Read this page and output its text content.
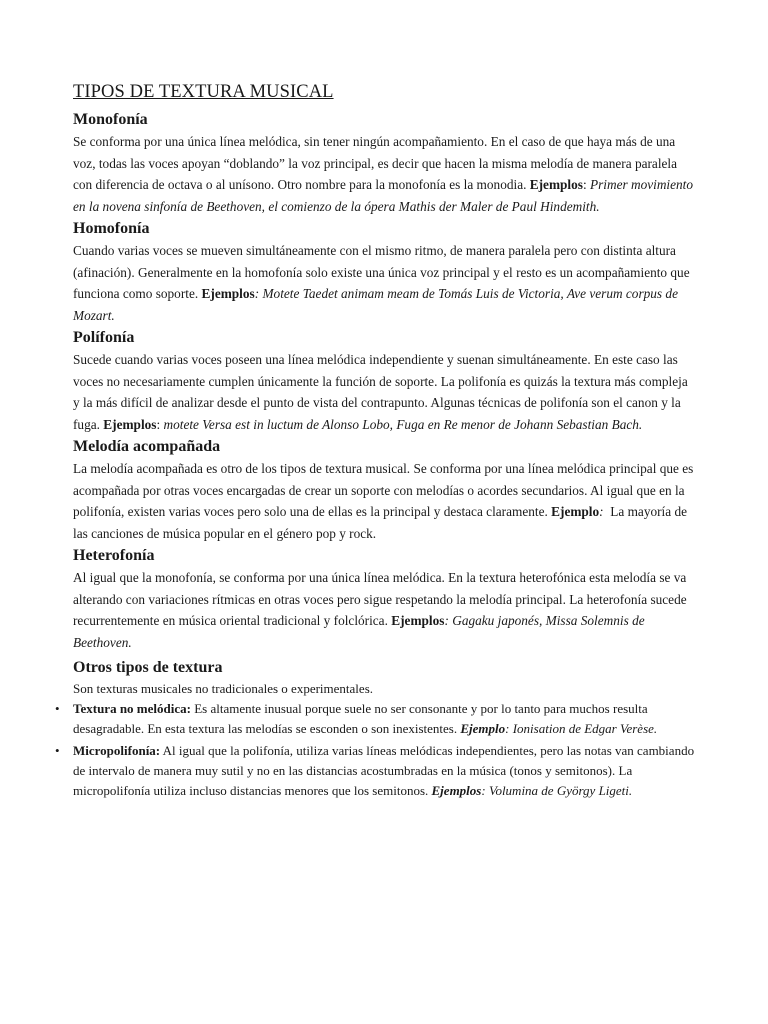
TIPOS DE TEXTURA MUSICAL
Monofonía

Se conforma por una única línea melódica, sin tener ningún acompañamiento. En el caso de que haya más de una voz, todas las voces apoyan “doblando” la voz principal, es decir que hacen la misma melodía de manera paralela con diferencia de octava o al unísono. Otro nombre para la monofonía es la monodia. Ejemplos: Primer movimiento en la novena sinfonía de Beethoven, el comienzo de la ópera Mathis der Maler de Paul Hindemith.

Homofonía

Cuando varias voces se mueven simultáneamente con el mismo ritmo, de manera paralela pero con distinta altura (afinación). Generalmente en la homofonía solo existe una única voz principal y el resto es un acompañamiento que funciona como soporte. Ejemplos: Motete Taedet animam meam de Tomás Luis de Victoria, Ave verum corpus de Mozart.

Polífonía

Sucede cuando varias voces poseen una línea melódica independiente y suenan simultáneamente. En este caso las voces no necesariamente cumplen únicamente la función de soporte. La polifonía es quizás la textura más compleja y la más difícil de analizar desde el punto de vista del contrapunto. Algunas técnicas de polifonía son el canon y la fuga. Ejemplos: motete Versa est in luctum de Alonso Lobo, Fuga en Re menor de Johann Sebastian Bach.

Melodía acompañada

La melodía acompañada es otro de los tipos de textura musical. Se conforma por una línea melódica principal que es acompañada por otras voces encargadas de crear un soporte con melodías o acordes secundarios. Al igual que en la polifonía, existen varias voces pero solo una de ellas es la principal y destaca claramente. Ejemplo:  La mayoría de las canciones de música popular en el género pop y rock.

Heterofonía

Al igual que la monofonía, se conforma por una única línea melódica. En la textura heterofónica esta melodía se va alterando con variaciones rítmicas en otras voces pero sigue respetando la melodía principal. La heterofonía sucede recurrentemente en música oriental tradicional y folclórica. Ejemplos: Gagaku japonés, Missa Solemnis de Beethoven.

Otros tipos de textura

Son texturas musicales no tradicionales o experimentales.

• Textura no melódica: Es altamente inusual porque suele no ser consonante y por lo tanto para muchos resulta desagradable. En esta textura las melodías se esconden o son inexistentes. Ejemplo: Ionisation de Edgar Verèse.
• Micropolifonía: Al igual que la polifonía, utiliza varias líneas melódicas independientes, pero las notas van cambiando de intervalo de manera muy sutil y no en las distancias acostumbradas en la música (tonos y semitonos). La micropolifonía utiliza incluso distancias menores que los semitonos. Ejemplos: Volumina de György Ligeti.
